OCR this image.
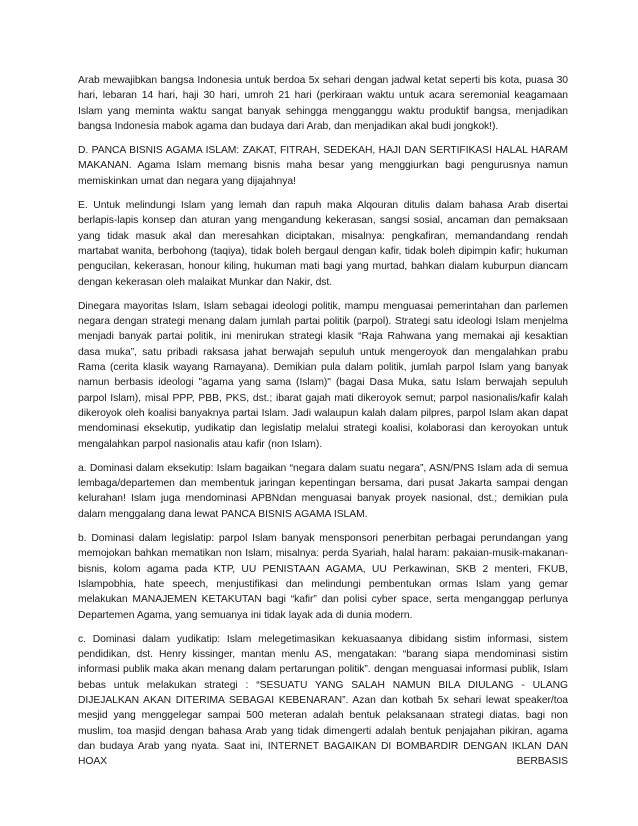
Arab mewajibkan bangsa Indonesia untuk berdoa 5x sehari dengan jadwal ketat seperti bis kota, puasa 30 hari, lebaran 14 hari, haji 30 hari, umroh 21 hari (perkiraan waktu untuk acara seremonial keagamaan Islam yang meminta waktu sangat banyak sehingga mengganggu waktu produktif bangsa, menjadikan bangsa Indonesia mabok agama dan budaya dari Arab, dan menjadikan akal budi jongkok!).

D. PANCA BISNIS AGAMA ISLAM: ZAKAT, FITRAH, SEDEKAH, HAJI DAN SERTIFIKASI HALAL HARAM MAKANAN. Agama Islam memang bisnis maha besar yang menggiurkan bagi pengurusnya namun memiskinkan umat dan negara yang dijajahnya!

E. Untuk melindungi Islam yang lemah dan rapuh maka Alqouran ditulis dalam bahasa Arab disertai berlapis-lapis konsep dan aturan yang mengandung kekerasan, sangsi sosial, ancaman dan pemaksaan yang tidak masuk akal dan meresahkan diciptakan, misalnya: pengkafiran, memandandang rendah martabat wanita, berbohong (taqiya), tidak boleh bergaul dengan kafir, tidak boleh dipimpin kafir; hukuman pengucilan, kekerasan, honour kiling, hukuman mati bagi yang murtad, bahkan dialam kuburpun diancam dengan kekerasan oleh malaikat Munkar dan Nakir, dst.

Dinegara mayoritas Islam, Islam sebagai ideologi politik, mampu menguasai pemerintahan dan parlemen negara dengan strategi menang dalam jumlah partai politik (parpol). Strategi satu ideologi Islam menjelma menjadi banyak partai politik, ini menirukan strategi klasik “Raja Rahwana yang memakai aji kesaktian dasa muka”, satu pribadi raksasa jahat berwajah sepuluh untuk mengeroyok dan mengalahkan prabu Rama (cerita klasik wayang Ramayana). Demikian pula dalam politik, jumlah parpol Islam yang banyak namun berbasis ideologi "agama yang sama (Islam)" (bagai Dasa Muka, satu Islam berwajah sepuluh parpol Islam), misal PPP, PBB, PKS, dst.; ibarat gajah mati dikeroyok semut; parpol nasionalis/kafir kalah dikeroyok oleh koalisi banyaknya partai Islam. Jadi walaupun kalah dalam pilpres, parpol Islam akan dapat mendominasi eksekutip, yudikatip dan legislatip melalui strategi koalisi, kolaborasi dan keroyokan untuk mengalahkan parpol nasionalis atau kafir (non Islam).

a. Dominasi dalam eksekutip: Islam bagaikan “negara dalam suatu negara”, ASN/PNS Islam ada di semua lembaga/departemen dan membentuk jaringan kepentingan bersama, dari pusat Jakarta sampai dengan kelurahan! Islam juga mendominasi APBNdan menguasai banyak proyek nasional, dst.; demikian pula dalam menggalang dana lewat PANCA BISNIS AGAMA ISLAM.

b. Dominasi dalam legislatip: parpol Islam banyak mensponsori penerbitan perbagai perundangan yang memojokan bahkan mematikan non Islam, misalnya: perda Syariah, halal haram: pakaian-musik-makanan-bisnis, kolom agama pada KTP, UU PENISTAAN AGAMA, UU Perkawinan, SKB 2 menteri, FKUB, Islampobhia, hate speech, menjustifikasi dan melindungi pembentukan ormas Islam yang gemar melakukan MANAJEMEN KETAKUTAN bagi “kafir” dan polisi cyber space, serta menganggap perlunya Departemen Agama, yang semuanya ini tidak layak ada di dunia modern.

c. Dominasi dalam yudikatip: Islam melegetimasikan kekuasaanya dibidang sistim informasi, sistem pendidikan, dst. Henry kissinger, mantan menlu AS, mengatakan: “barang siapa mendominasi sistim informasi publik maka akan menang dalam pertarungan politik”. dengan menguasai informasi publik, Islam bebas untuk melakukan strategi : “SESUATU YANG SALAH NAMUN BILA DIULANG - ULANG DIJEJALKAN AKAN DITERIMA SEBAGAI KEBENARAN”. Azan dan kotbah 5x sehari lewat speaker/toa mesjid yang menggelegar sampai 500 meteran adalah bentuk pelaksanaan strategi diatas. bagi non muslim, toa masjid dengan bahasa Arab yang tidak dimengerti adalah bentuk penjajahan pikiran, agama dan budaya Arab yang nyata. Saat ini, INTERNET BAGAIKAN DI BOMBARDIR DENGAN IKLAN DAN HOAX BERBASIS
